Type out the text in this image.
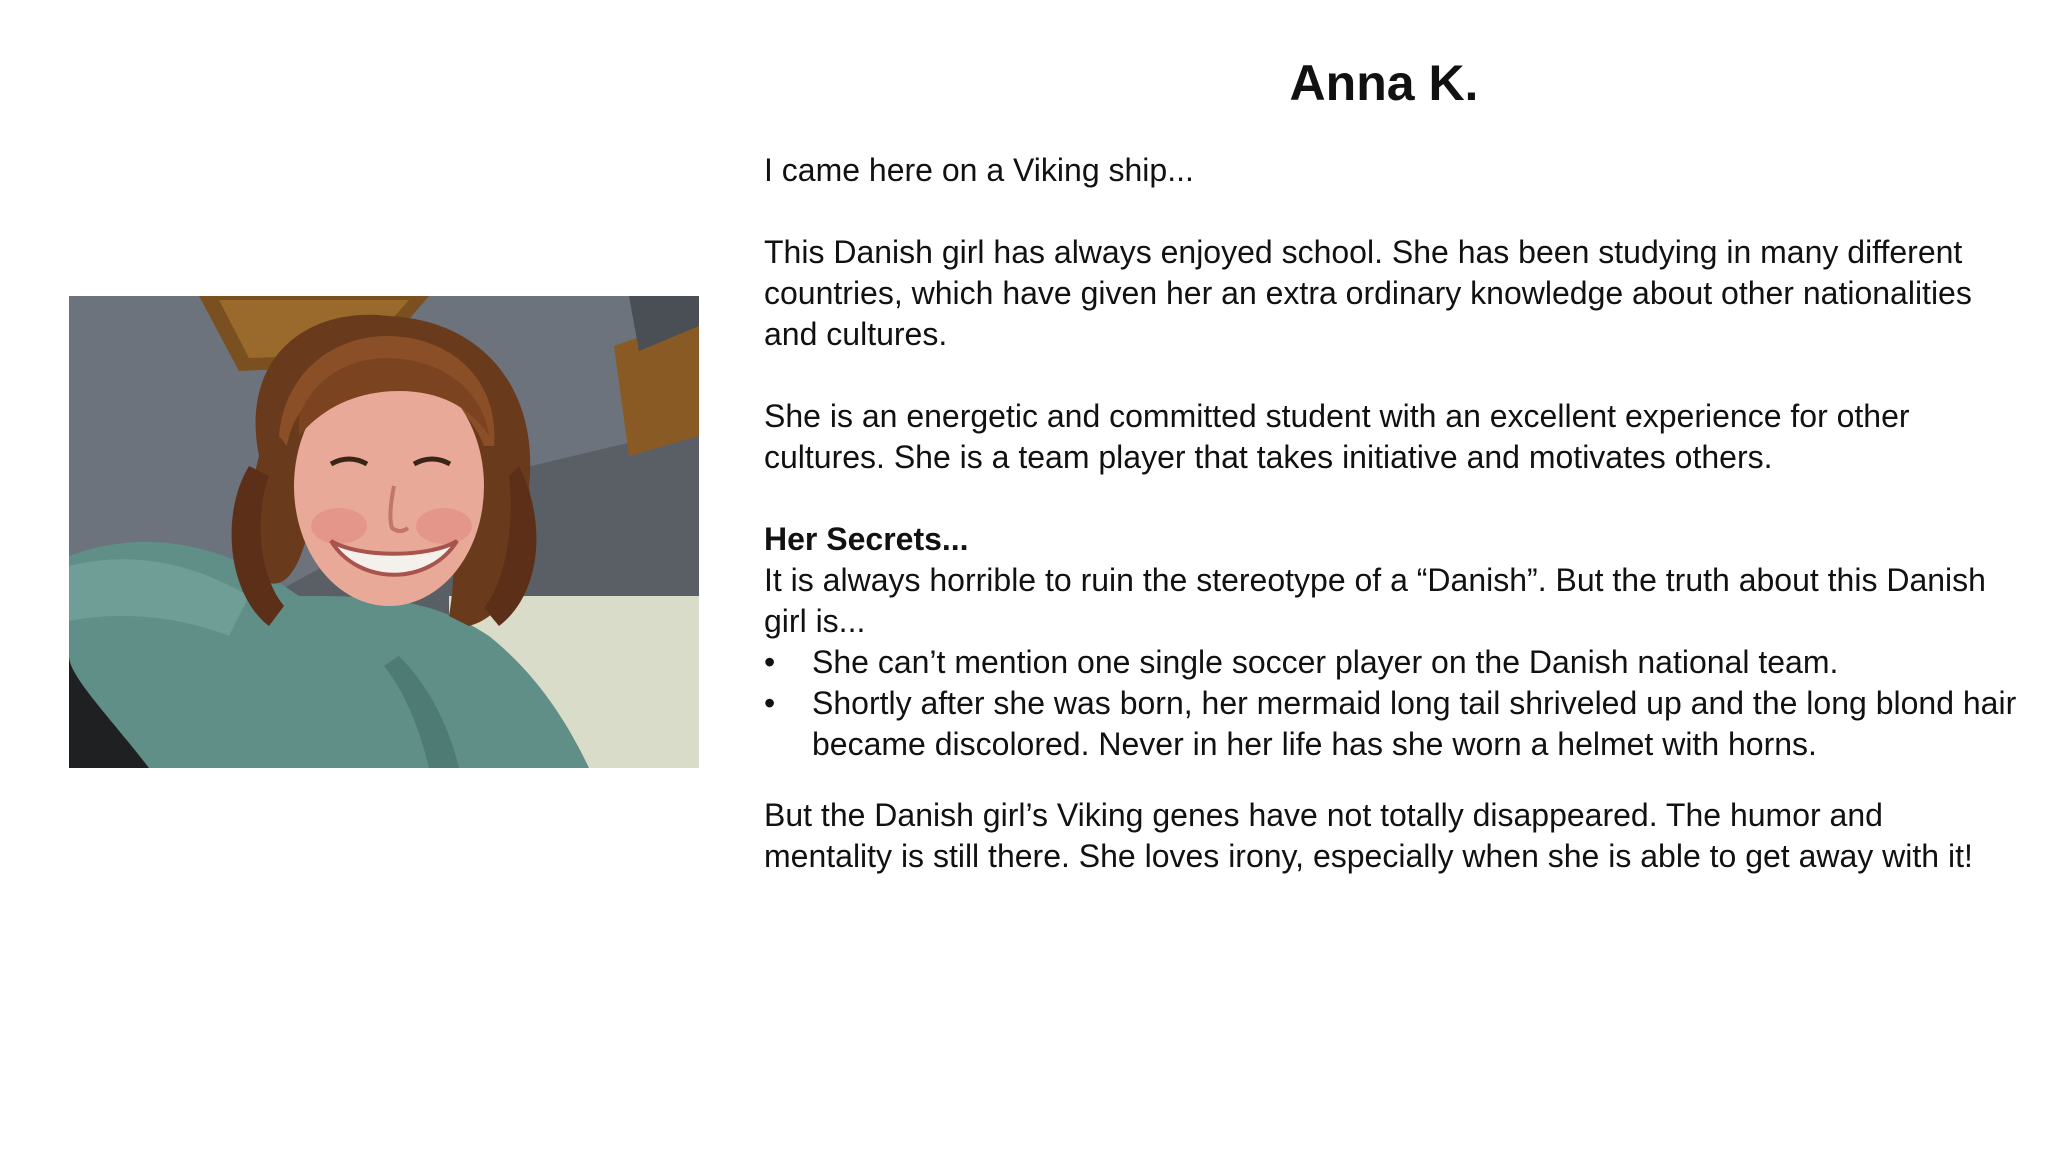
Anna K.

I came here on a Viking ship...

This Danish girl has always enjoyed school. She has been studying in many different countries, which have given her an extra ordinary knowledge about other nationalities and cultures.

She is an energetic and committed student with an excellent experience for other cultures. She is a team player that takes initiative and motivates others.

Her Secrets...

It is always horrible to ruin the stereotype of a “Danish”. But the truth about this Danish girl is...

• She can’t mention one single soccer player on the Danish national team.
• Shortly after she was born, her mermaid long tail shriveled up and the long blond hair became discolored. Never in her life has she worn a helmet with horns.

But the Danish girl’s Viking genes have not totally disappeared. The humor and mentality is still there. She loves irony, especially when she is able to get away with it!
